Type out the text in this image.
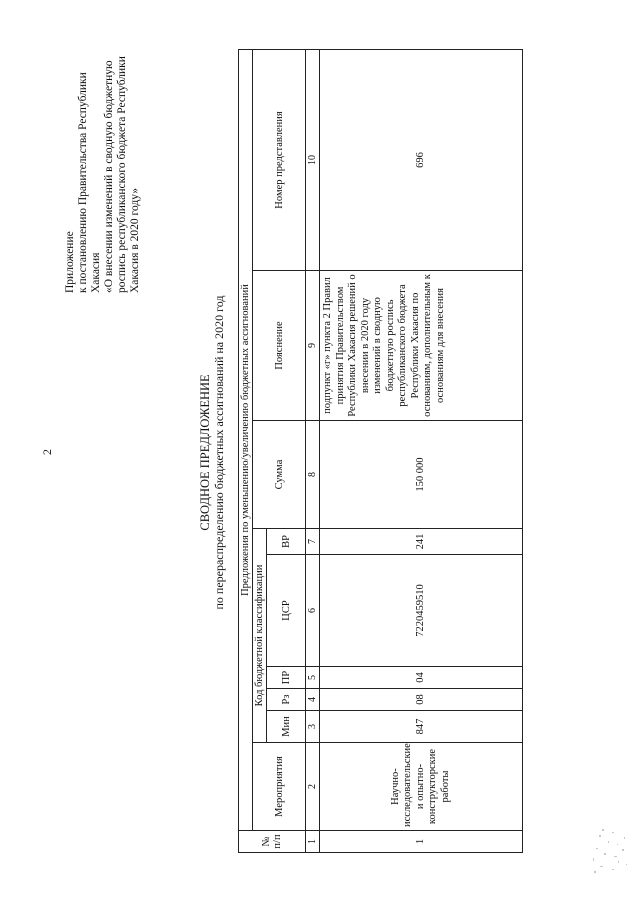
2
Приложение к постановлению Правительства Республики Хакасия «О внесении изменений в сводную бюджетную роспись республиканского бюджета Республики Хакасия в 2020 году»
СВОДНОЕ ПРЕДЛОЖЕНИЕ по перераспределению бюджетных ассигнований на 2020 год
№ п/п	Предложения по уменьшению/увеличению бюджетных ассигнований								
	Мероприятия	Код бюджетной классификации					Сумма	Пояснение	Номер представления
		Мин	Рз	ПР	ЦСР	ВР			
1	2	3	4	5	6	7	8	9	10
1	Научно-исследовательские и опытно-конструкторские работы	847	08	04	7220459510	241	150 000	подпункт «г» пункта 2 Правил принятия Правительством Республики Хакасия решений о внесении в 2020 году изменений в сводную бюджетную роспись республиканского бюджета Республики Хакасия по основаниям, дополнительным к основаниям для внесения	696
